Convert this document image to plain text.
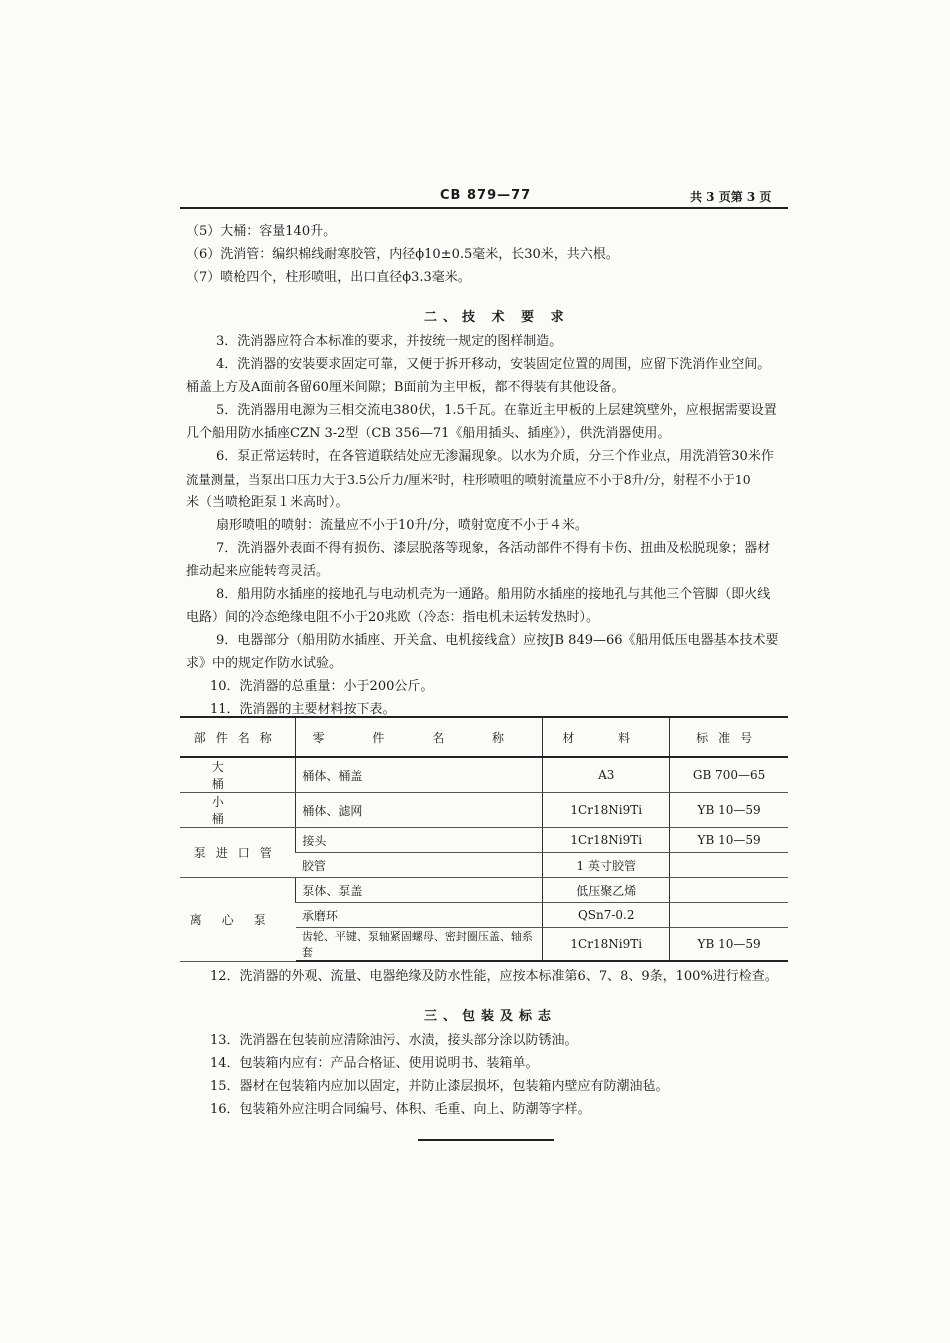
CB 879—77	共 3 页第 3 页
（5）大桶：容量140升。
（6）洗消管：编织棉线耐寒胶管，内径ϕ10±0.5毫米，长30米，共六根。
（7）喷枪四个，柱形喷咀，出口直径ϕ3.3毫米。
二、技 术 要 求
3．洗消器应符合本标准的要求，并按统一规定的图样制造。
4．洗消器的安装要求固定可靠，又便于拆开移动，安装固定位置的周围，应留下洗消作业空间。
桶盖上方及A面前各留60厘米间隙；B面前为主甲板，都不得装有其他设备。
5．洗消器用电源为三相交流电380伏，1.5千瓦。在靠近主甲板的上层建筑壁外，应根据需要设置
几个船用防水插座CZN 3-2型（CB 356—71《船用插头、插座》），供洗消器使用。
6．泵正常运转时，在各管道联结处应无渗漏现象。以水为介质，分三个作业点，用洗消管30米作
流量测量，当泵出口压力大于3.5公斤力/厘米²时，柱形喷咀的喷射流量应不小于8升/分，射程不小于10
米（当喷枪距泵１米高时）。
扇形喷咀的喷射：流量应不小于10升/分，喷射宽度不小于４米。
7．洗消器外表面不得有损伤、漆层脱落等现象，各活动部件不得有卡伤、扭曲及松脱现象；器材
推动起来应能转弯灵活。
8．船用防水插座的接地孔与电动机壳为一通路。船用防水插座的接地孔与其他三个管脚（即火线
电路）间的冷态绝缘电阻不小于20兆欧（冷态：指电机未运转发热时）。
9．电器部分（船用防水插座、开关盒、电机接线盒）应按JB 849—66《船用低压电器基本技术要
求》中的规定作防水试验。
10．洗消器的总重量：小于200公斤。
11．洗消器的主要材料按下表。
部件名称	零 件 名 称	材 料	标准号
大桶	桶体、桶盖	A3	GB 700—65
小桶	桶体、滤网	1Cr18Ni9Ti	YB 10—59
泵进口管	接头	1Cr18Ni9Ti	YB 10—59
	胶管	1 英寸胶管	
离心泵	泵体、泵盖	低压聚乙烯	
	承磨环	QSn7-0.2	
	齿轮、平键、泵轴紧固螺母、密封圈压盖、轴系套	1Cr18Ni9Ti	YB 10—59
12．洗消器的外观、流量、电器绝缘及防水性能，应按本标准第6、7、8、9条，100%进行检查。
三、包装及标志
13．洗消器在包装前应清除油污、水渍，接头部分涂以防锈油。
14．包装箱内应有：产品合格证、使用说明书、装箱单。
15．器材在包装箱内应加以固定，并防止漆层损坏，包装箱内壁应有防潮油毡。
16．包装箱外应注明合同编号、体积、毛重、向上、防潮等字样。
